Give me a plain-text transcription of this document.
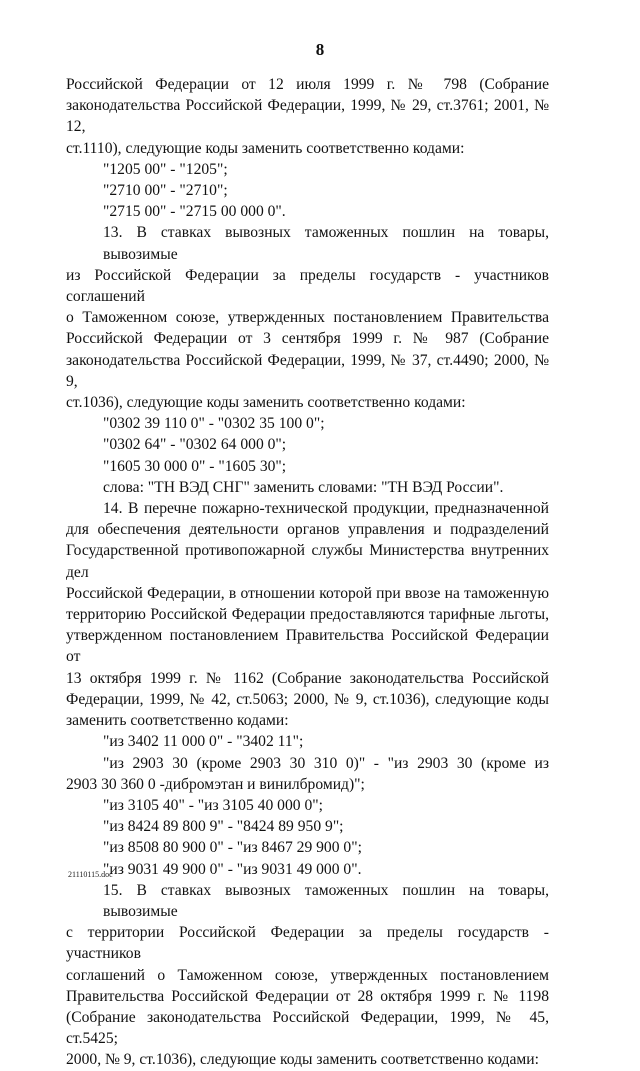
8
Российской Федерации от 12 июля 1999 г. № 798 (Собрание
законодательства Российской Федерации, 1999, № 29, ст.3761; 2001, № 12,
ст.1110), следующие коды заменить соответственно кодами:
"1205 00" - "1205";
"2710 00" - "2710";
"2715 00" - "2715 00 000 0".
13. В ставках вывозных таможенных пошлин на товары, вывозимые
из Российской Федерации за пределы государств - участников соглашений
о Таможенном союзе, утвержденных постановлением Правительства
Российской Федерации от 3 сентября 1999 г. № 987 (Собрание
законодательства Российской Федерации, 1999, № 37, ст.4490; 2000, № 9,
ст.1036), следующие коды заменить соответственно кодами:
"0302 39 110 0" - "0302 35 100 0";
"0302 64" - "0302 64 000 0";
"1605 30 000 0" - "1605 30";
слова: "ТН ВЭД СНГ" заменить словами: "ТН ВЭД России".
14. В перечне пожарно-технической продукции, предназначенной
для обеспечения деятельности органов управления и подразделений
Государственной противопожарной службы Министерства внутренних дел
Российской Федерации, в отношении которой при ввозе на таможенную
территорию Российской Федерации предоставляются тарифные льготы,
утвержденном постановлением Правительства Российской Федерации от
13 октября 1999 г. № 1162 (Собрание законодательства Российской
Федерации, 1999, № 42, ст.5063; 2000, № 9, ст.1036), следующие коды
заменить соответственно кодами:
"из 3402 11 000 0" - "3402 11";
"из 2903 30 (кроме 2903 30 310 0)" - "из 2903 30 (кроме из
2903 30 360 0 -дибромэтан и винилбромид)";
"из 3105 40" - "из 3105 40 000 0";
"из 8424 89 800 9" - "8424 89 950 9";
"из 8508 80 900 0" - "из 8467 29 900 0";
"из 9031 49 900 0" - "из 9031 49 000 0".
15. В ставках вывозных таможенных пошлин на товары, вывозимые
с территории Российской Федерации за пределы государств - участников
соглашений о Таможенном союзе, утвержденных постановлением
Правительства Российской Федерации от 28 октября 1999 г. № 1198
(Собрание законодательства Российской Федерации, 1999, № 45, ст.5425;
2000, № 9, ст.1036), следующие коды заменить соответственно кодами:
21110115.doc
